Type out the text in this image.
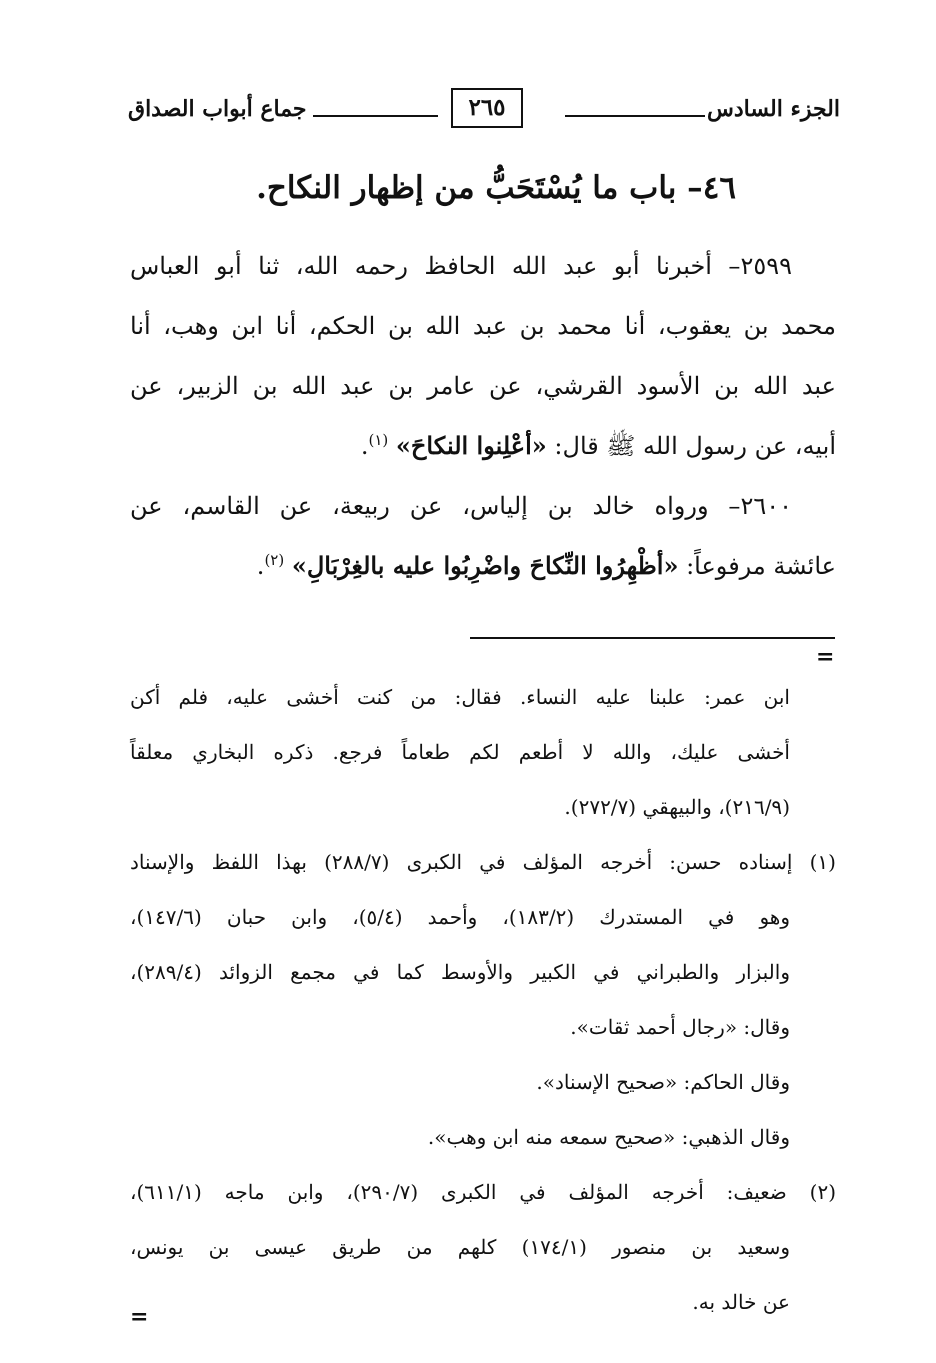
الجزء السادس
٢٦٥
جماع أبواب الصداق
٤٦– باب ما يُسْتَحَبُّ من إظهار النكاح.
٢٥٩٩– أخبرنا أبو عبد الله الحافظ رحمه الله، ثنا أبو العباس
محمد بن يعقوب، أنا محمد بن عبد الله بن الحكم، أنا ابن وهب، أنا
عبد الله بن الأسود القرشي، عن عامر بن عبد الله بن الزبير، عن
أبيه، عن رسول الله ﷺ قال: «أعْلِنوا النكاحَ» $^{(١)}$.
٢٦٠٠– ورواه خالد بن إلياس، عن ربيعة، عن القاسم، عن
عائشة مرفوعاً: «أظْهِرُوا النِّكاحَ واضْرِبُوا عليه بالغِرْبَالِ» $^{(٢)}$.
=
ابن عمر: علبنا عليه النساء. فقال: من كنت أخشى عليه، فلم أكن
أخشى عليك، والله لا أطعم لكم طعاماً فرجع. ذكره البخاري معلقاً
(٢١٦/٩)، والبيهقي (٢٧٢/٧).
(١) إسناده حسن: أخرجه المؤلف في الكبرى (٢٨٨/٧) بهذا اللفظ والإسناد
وهو في المستدرك (١٨٣/٢)، وأحمد (٥/٤)، وابن حبان (١٤٧/٦)،
والبزار والطبراني في الكبير والأوسط كما في مجمع الزوائد (٢٨٩/٤)،
وقال: «رجال أحمد ثقات».
وقال الحاكم: «صحيح الإسناد».
وقال الذهبي: «صحيح سمعه منه ابن وهب».
(٢) ضعيف: أخرجه المؤلف في الكبرى (٢٩٠/٧)، وابن ماجه (٦١١/١)،
وسعيد بن منصور (١٧٤/١) كلهم من طريق عيسى بن يونس،
عن خالد به.
=
